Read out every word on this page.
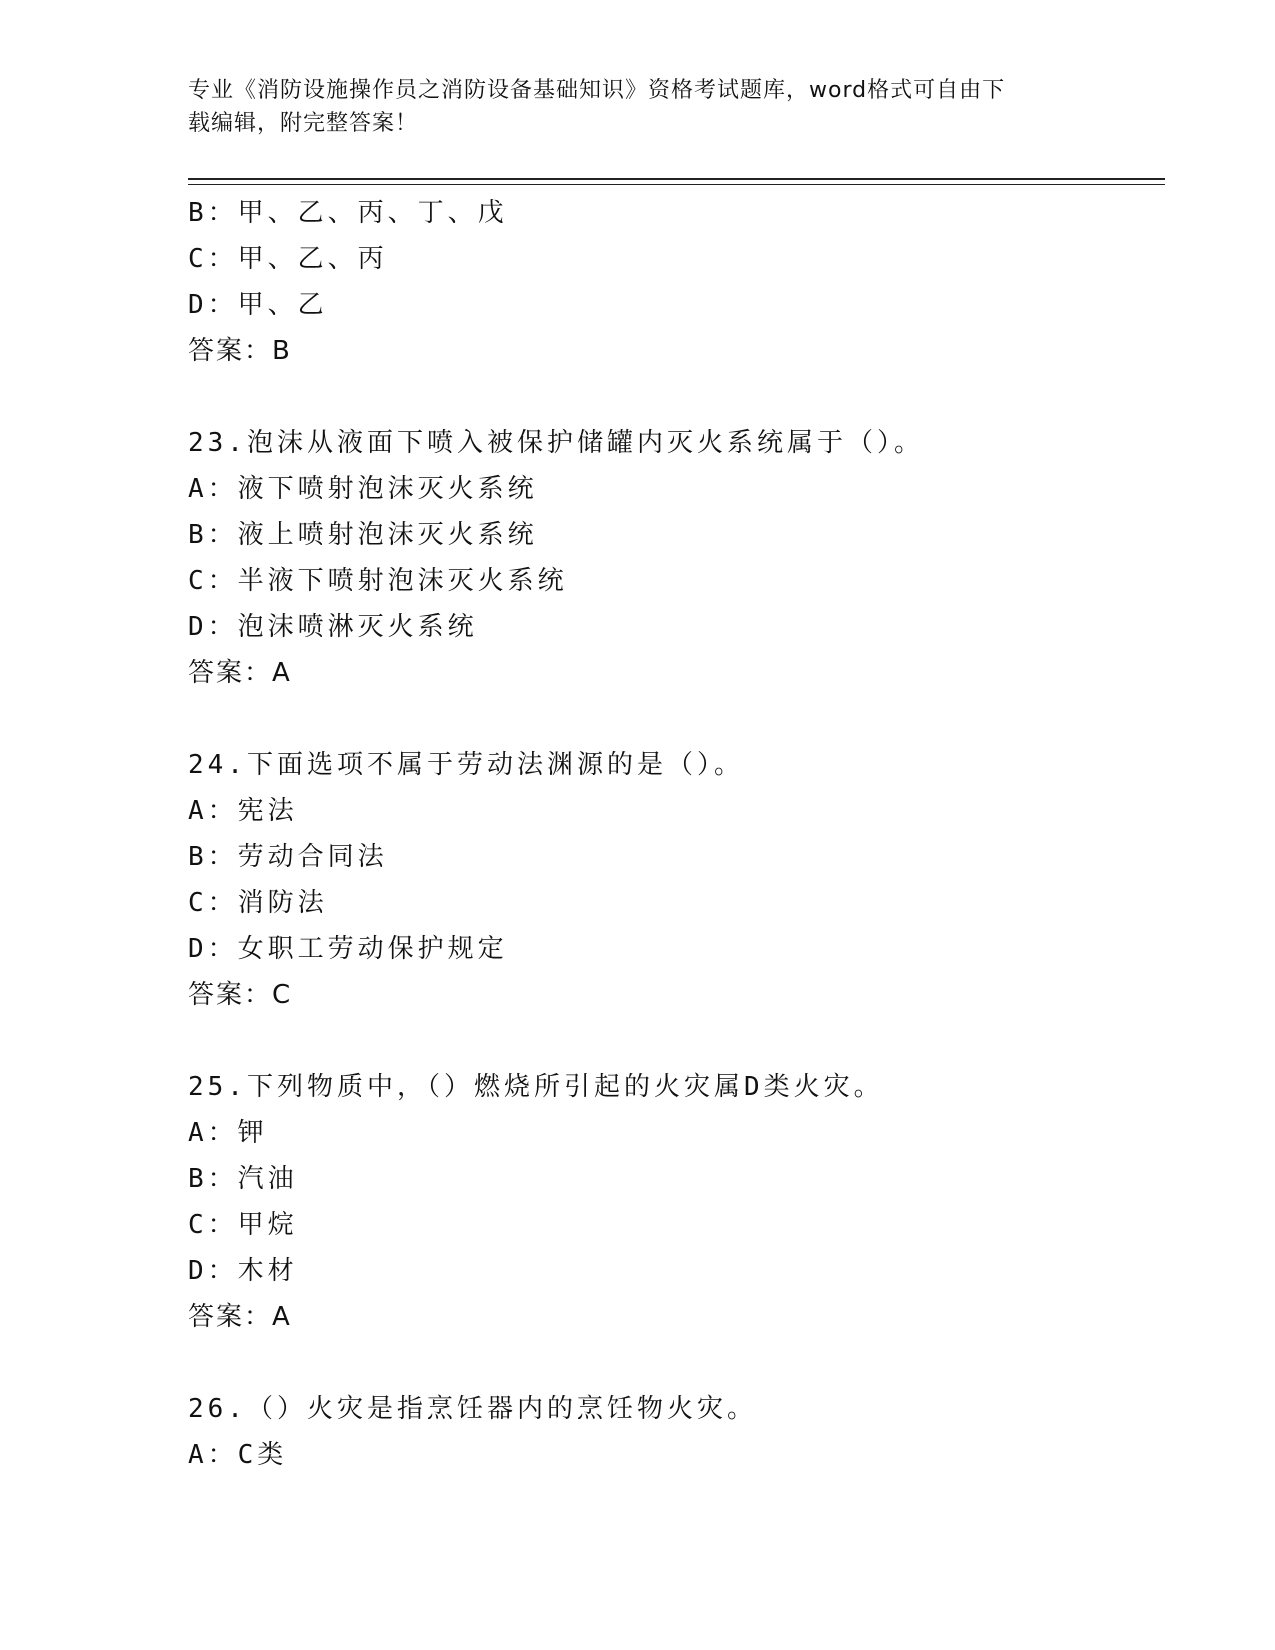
专业《消防设施操作员之消防设备基础知识》资格考试题库，word格式可自由下
载编辑，附完整答案！
B：甲、乙、丙、丁、戊
C：甲、乙、丙
D：甲、乙
答案：B
23.泡沫从液面下喷入被保护储罐内灭火系统属于（）。
A：液下喷射泡沫灭火系统
B：液上喷射泡沫灭火系统
C：半液下喷射泡沫灭火系统
D：泡沫喷淋灭火系统
答案：A
24.下面选项不属于劳动法渊源的是（）。
A：宪法
B：劳动合同法
C：消防法
D：女职工劳动保护规定
答案：C
25.下列物质中，（）燃烧所引起的火灾属D类火灾。
A：钾
B：汽油
C：甲烷
D：木材
答案：A
26.（）火灾是指烹饪器内的烹饪物火灾。
A：C类
